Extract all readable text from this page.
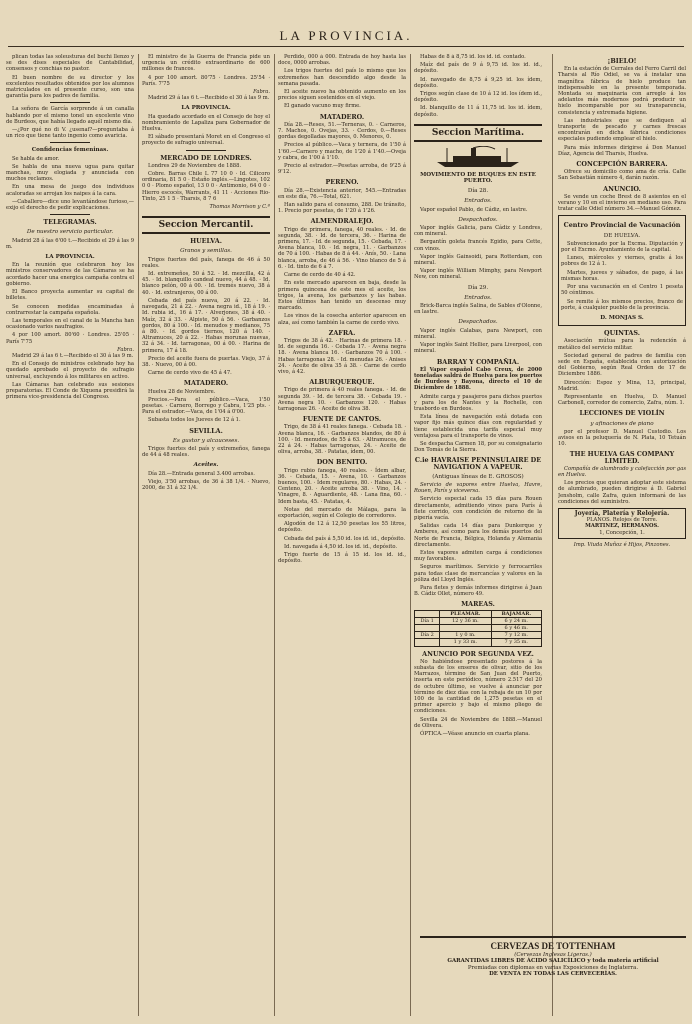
LA PROVINCIA.

plican todas las soleusturas del buchi llenzo y se des dises especiales de Cantabilidad, consensos y conchias no pastor.

El buen nombre de su director y los excelentes resultados obtenidos por los alumnos matriculados en el presente curso, son una garantía para los padres de familia.

La señora de García sorprende á un canalla hablando por el mismo tonel un excelente vino de Burdeos, que había llegado aquél mismo día.

—¿Por qué no di V. ¿usenaf?—preguntaba á un rico que tiene tanto ingenio como avaricia.

Confidencias femeninas.

Se habla de amor.

Se habla de una nueva ugua para quitar manchas, muy elogiada y anunciada con muchos reclamos.

En una mesa de juego dos individuos acaloradas se arrojan los naipes á la cara.

—Caballero—dice uno levantándose furioso,—exijo el derecho de pedir explicaciones.

TELEGRAMAS.
De nuestro servicio particular.

Madrid 28 á las 6'00 t.—Recibido el 29 á las 9 m.

LA PROVINCIA.

En la reunión que celebraron hoy los ministros conservadores de las Cámaras se ha acordado hacer una energica campaña contra el gobierno.

El Banco proyecta aumentar su capital de billetes.

Se conocen medidas encaminadas á contrarrestar la campaña española.

Las temporales en el canal de la Mancha han ocasionado varios naufragios.

4 por 100 amort. 80'60 · Londres. 25'05 · París 7'75

Fabra.

Madrid 29 á las 6 t.—Recibido el 30 á las 9 m.

En el Consejo de ministros celebrado hoy ha quedado aprobado el proyecto de sufragio universal, excluyendo á los militares en activo.

Las Cámaras han celebrado sus sesiones preparatorias. El Conde de Xiquena presidirá la primera vice-presidencia del Congreso.

El ministro de la Guerra de Francia pide un urgencia un crédito extraordinario de 600 millones de francos.

4 por 100 amort. 80'75 · Londres. 25'54 · París. 7'75

Fabra.

Madrid 29 á las 6 t.—Recibido el 30 á las 9 m.

LA PROVINCIA.

Ha quedado acordado en el Consejo de hoy el nombramiento de Lapaliza para Gobernador de Huelva.

El sábado presentará Moret en el Congreso el proyecto de sufragio universal.

MERCADO DE LONDRES.

Londres 29 de Noviembre de 1888.

Cobre. Barras Chile L 77 10 0 · Id. Cilicoro ordinaria, 81 5 0 · Estaño inglés.—Lingotes, 102 0 0 · Plomo español, 13 0 0 · Antimonio, 64 0 0 · Hierro escocés, Warrants, 41 11 · Acciones Rio-Tinto, 25 1 5 · Tharsis, 8 7 6

Thomas Morrison y C.ª
Seccion Mercantil.
HUELVA.
Granos y semillas.

Trigos fuertes del país, fanega de 46 á 50 reales.

Id. extremeños, 50 á 52. · Id. mezcilla, 42 á 45. · Id. blanquillo candeal nuevo, 44 á 48. · Id. blanco pelón, 00 á 00. · Id. tremés nuevo, 38 á 40. · Id. extranjeros, 00 á 00.

Cebada del país nueva, 20 á 22. · Id. navegada, 21 á 22. · Avena negra id., 18 á 19. · Id. rubia id., 16 á 17. · Alverjones, 38 á 40. · Maíz, 32 á 33. · Alpiste, 50 á 56. · Garbanzos gordos, 80 á 100. · Id. menudos y medianos, 75 á 80. · Id. gordos tiernos, 120 á 140. · Altramuces, 20 á 22. · Habas morunas nuevas, 32 á 34. · Id. tarragonas, 00 á 00. · Harina de primera, 17 á 18.

Precio del aceite fuera de puertas. Viejo, 37 á 38. · Nuevo, 00 á 00.

Carne de cerdo vivo de 45 á 47.

MATADERO.

Huelva 28 de Noviembre.

Precios.—Para el público.—Vaca, 1'50 pesetas. · Carnero, Borrego y Cabra, 1'25 pts. · Para el estrador.—Vaca, de 1'04 á 0'00.

Subasta todos los Jueves de 12 á 1.

SEVILLA.
Es gustor y alcauceses.

Trigos fuertes del país y extremeños, fanega de 44 á 48 reales.

Aceites.

Día 28.—Entrada general 3.400 arrobas.

Viejo, 3'50 arrobas, de 36 á 38 1/4. · Nuevo, 2000, de 31 á 32 1/4.

Perdido, 000 á 000. Entrada de hoy hasta las doce, 0000 arrobas.

Los trigos fuertes del país lo mismo que los extremeños han descendido algo desde la semana pasada.

El aceite nuevo ha obtenido aumento en los precios siguen sostenidos en el viejo.

El ganado vacuno muy firme.

MATADERO.

Día 28.—Reses, 51.—Terneras, 0. · Carneros, 7. Machos, 0. Ovejas, 33. · Cerdos, 0.—Reses gordas degolladas mayores, 0. Menores, 0.

Precios al público.—Vaca y ternera, de 1'50 á 1'60.—Carnero y macho, de 1'20 á 1'40.—Oveja y cabra, de 1'00 á 1'10.

Precio al estrador.—Pesetas arroba, de 9'25 á 9'12.

PERENO.

Día 28.—Existencia anterior, 545.—Entradas en este día, 76.—Total, 621.

Han salido para el consumo, 288. De tránsito, 1. Precio por pesetas, de 1'20 á 1'26.

ALMENDRALEJO.

Trigo de primera, fanega, 40 reales. · Id. de segunda, 38. · Id. de tercera, 36. · Harina de primera, 17. · Id. de segunda, 15. · Cebada, 17. · Avena blanca, 10. · Id. negra, 11. · Garbanzos de 70 á 100. · Habas de 8 á 44. · Anís, 50. · Lana blanca, arroba, de 46 á 56. · Vino blanco de 5 á 6. · Id. tinto de 6 á 7.

Carne de cerdo de 40 á 42.

En este mercado aparecen en baja, desde la primera quincena de este mes el aceite, los trigos, la avena, los garbanzos y las habas. Estos últimos han tenido un descenso muy marcado.

Los vinos de la cosecha anterior aparecen en alza, así como también la carne de cerdo vivo.

ZAFRA.

Trigos de 38 á 42. · Harinas de primera 18. · Id. de segunda 16. · Cebada 17. · Avena negra 18. · Avena blanca 16. · Garbanzos 70 á 100. · Habas tarragonas 28. · Id. menudas 26. · Anises 24. · Aceite de oliva 35 á 38. · Carne de cerdo vivo, á 42.

ALBURQUERQUE.

Trigo de primera á 40 reales fanega. · Id. de segunda 39. · Id. de tercera 38. · Cebada 19. · Avena negra 10. · Garbanzos 120. · Habas tarragonas 26. · Aceite de oliva 38.

FUENTE DE CANTOS.

Trigo, de 38 á 41 reales fanega. · Cebada 18. · Avena blanca, 16. · Garbanzos blandos, de 80 á 100. · Id. menudos, de 55 á 63. · Altramuces, de 22 á 24. · Habas tarragonas, 24. · Aceite de oliva, arroba, 38. · Patatas, ídem, 00.

DON BENITO.

Trigo rubio fanega, 40 reales. · Ídem albar, 36. · Cebada, 15. · Avena, 10. · Garbanzos buenos, 100. · Ídem regulares, 80. · Habas, 24. · Centeno, 20. · Aceite arroba 38. · Vino, 14. · Vinagre, 8. · Aguardiente, 48. · Lana fina, 60. · Idem basta, 45. · Patatas, 4.

Notas del mercado de Málaga, para la exportación, según el Colegio de corredores.

Algodón de 12 á 12,50 pesetas los 55 litros, depósito.

Cebada del país á 5,50 id. los id. id., depósito.

Id. navegada á 4,50 id. los id. id., depósito.

Trigo fuerte de 15 á 15 id. los id. id., depósito.

Habas de 8 á 8,75 id. los id. id. contado.

Maíz del país de 9 á 9,75 id. los id. id., depósito.

Id. navegado de 8,75 á 9,25 id. los ídem, depósito.

Trigos según clase de 10 á 12 id. los ídem id., depósito.

Id. blanquillo de 11 á 11,75 id. los id. ídem, depósito.

Seccion Marítima.
MOVIMIENTO DE BUQUES EN ESTE PUERTO.
Día 28.
Entrados.

Vapor español Pablo, de Cádiz, en lastre.

Despachados.

Vapor inglés Galicia, para Cádiz y Londres, con mineral.

Bergantín goleta francés Egidio, para Cette, con vinos.

Vapor inglés Gainsoidi, para Rotterdam, con mineral.

Vapor inglés William Mimphy, para Newport New, con mineral.

Día 29.
Entrados.

Brick-Barca inglés Salina, de Sables d'Olonne, en lastre.

Despachados.

Vapor inglés Calabas, para Newport, con mineral.

Vapor inglés Saint Hellier, para Liverpool, con mineral.

BARRAY Y COMPAÑIA.

El Vapor español Cabo Creux, de 2000 toneladas saldrá de Huelva para los puertos de Burdeos y Bayona, directo el 10 de Diciembre de 1888.

Admite carga y pasajeros para dichos puertos y para los de Nantes y la Rochelle, con trasbordo en Burdeos.

Esta línea de navegación está dotada con vapor fijo más quince días con regularidad y tiene establecida una tarifa especial muy ventajosa para el transporte de vinos.

Se despacha Carmen 18, por su consignatario Don Tomás de la Sierra.

C.ie HAVRAISE PENINSULAIRE DE NAVIGATION A VAPEUR.
(Antiguas líneas de E. GROSOS)

Servicio de vapores entre Huelva, Havre, Rouen, París y viceversa.

Servicio especial cada 15 días para Rouen directamente, admitiendo vinos para París á flete corrido, con condición de retorno de la pipería vacía.

Salidas cada 14 días para Dunkerque y Amberes, así como para los demás puertos del Norte de Francia, Bélgica, Holanda y Alemania directamente.

Estos vapores admiten carga á condiciones muy favorables.

Seguros marítimos. Servicio y ferrocarriles para todas clase de mercancías y valores en la póliza del Lloyd Inglés.

Para fletes y demás informes dirigirse á Juan B. Cádiz Ollet, número 49.

MAREAS.
	PLEAMAR.	BAJAMAR.
Día 1	12 y 36 m.	6 y 24 m.
		6 y 46 m.
Día 2	1 y 0 m.	7 y 12 m.
	1 y 33 m.	7 y 35 m.
ANUNCIO POR SEGUNDA VEZ.

No habiéndose presentado postores á la subasta de los enseres de olivar, sitio de los Marrazos, término de San Juan del Puerto, inserta en este periódico, número 2.517 del 20 de octubre último, se vuelve á anunciar por término de diez días con la rebaja de un 10 por 100 de la cantidad de 1,275 pesetas en el primer apercio y bajo el mismo pliego de condiciones.

Sevilla 24 de Noviembre de 1888.—Manuel de Olivera.

ÓPTICA.—Véase anuncio en cuarta plana.

¡BIELO!

En la estación de Cerrales del Ferro Carril del Tharsis al Río Odiel, se va á instalar una magnífica fábrica de hielo produce tan indispensable en la presente temporada. Montada su maquinaria con arreglo á los adelantos más modernos podrá producir un hielo incomparable por su transparencia, consistencia y extremada higiene.

Las industriales que se dediquen al transporte de pescado y carnes frescas encontrarán en dicha fábrica condiciones especiales pudiendo emplear el hielo.

Para más informes dirigirse á Don Manuel Díaz, Agencia del Tharsis, Huelva.

CONCEPCIÓN BARRERA.

Ofrece su domicilio como ama de cría. Calle San Sebastián número 4, darán razón.

ANUNCIO.

Se vende un coche Brest de 8 asientos en el verano y 10 en el invierno en mediano uso. Para tratar calle Odiel número 34.—Manuel Gómez.

Centro Provincial de Vacunación
DE HUELVA.

Subvencionado por la Excma. Diputación y por el Excmo. Ayuntamiento de la capital.

Lunes, miércoles y viernes, gratis á los pobres de 12 á 1.

Martes, jueves y sábados, de pago, á las mismas horas.

Por una vacunación en el Centro 1 peseta 50 céntimos.

Se remite á los mismos precios, franco de porte, á cualquier pueblo de la provincia.

D. MONJAS S.
QUINTAS.

Asociación mútua para la redención á metálico del servicio militar.

Sociedad general de padres de familia con sede en España, establecida con autorización del Gobierno, según Real Orden de 17 de Diciembre 1886.

Dirección: Espoz y Mina, 13, principal, Madrid.

Representante en Huelva, D. Manuel Carbonell, corredor de comercio, Zafra, núm. 1.

LECCIONES DE VIOLÍN
y afinaciones de piano

por el profesor D. Manuel Custodio. Los avisos en la peluquería de N. Plata, 10 Tetuán 10.

THE HUELVA GAS COMPANY LIMITED.

Compañía de alumbrado y calefacción por gas en Huelva.

Los precios que quieran adoptar este sistema de alumbrado, pueden dirigirse á D. Gabriel Jensholm, calle Zafra, quien informará de las condiciones del suministro.

Joyería, Platería y Relojería.
PLANOS. Relojes de Torre.
MARTINEZ, HERMANOS.
1, Concepción, 1.
Imp. Viuda Muñoz é Hijos, Pinzones.
CERVEZAS DE TOTTENHAM
(Cervezas Inglesas Ligeras.)
GARANTIDAS LIBRES DE ÁCIDO SALICÍLICO y toda materia artificial
Premiadas con diplomas en varias Exposiciones de Inglaterra.
DE VENTA EN TODAS LAS CERVECERÍAS.
